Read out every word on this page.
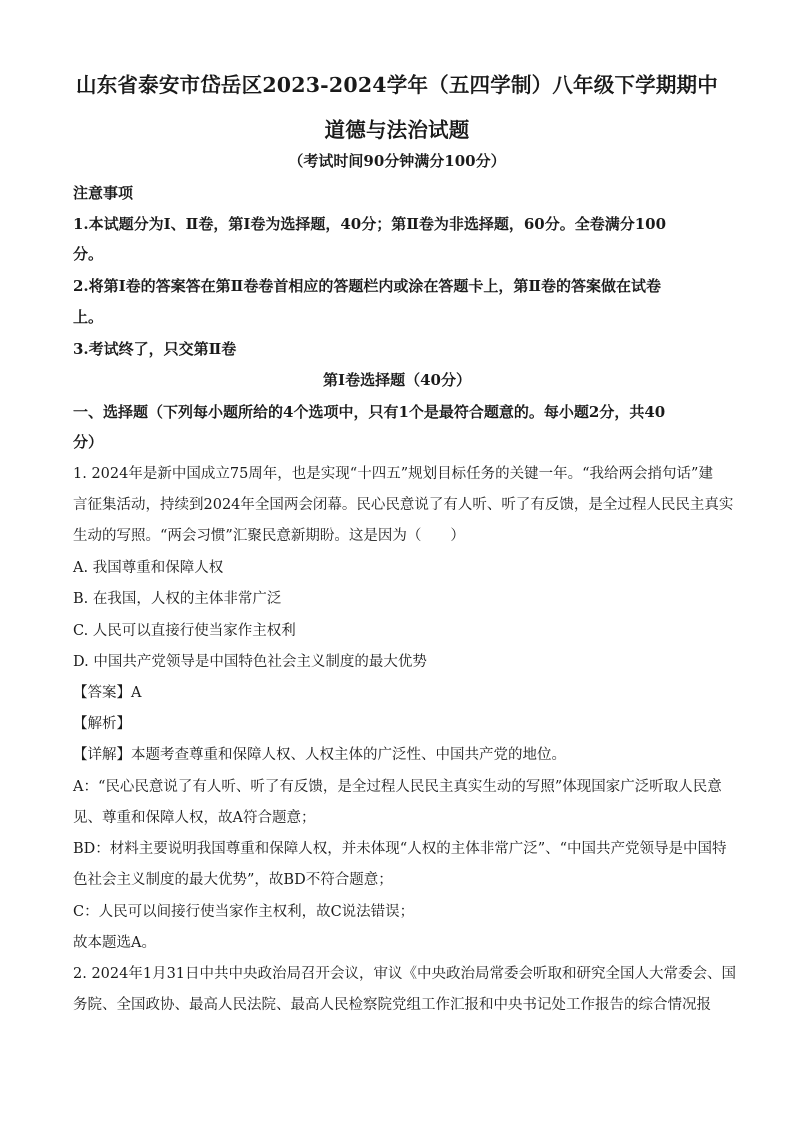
山东省泰安市岱岳区2023-2024学年（五四学制）八年级下学期期中
道德与法治试题
（考试时间90分钟满分100分）
注意事项
1.本试题分为Ⅰ、Ⅱ卷，第Ⅰ卷为选择题，40分；第Ⅱ卷为非选择题，60分。全卷满分100
分。
2.将第Ⅰ卷的答案答在第Ⅱ卷卷首相应的答题栏内或涂在答题卡上，第Ⅱ卷的答案做在试卷
上。
3.考试终了，只交第Ⅱ卷
第Ⅰ卷选择题（40分）
一、选择题（下列每小题所给的4个选项中，只有1个是最符合题意的。每小题2分，共40
分）
1. 2024年是新中国成立75周年，也是实现“十四五”规划目标任务的关键一年。“我给两会捎句话”建
言征集活动，持续到2024年全国两会闭幕。民心民意说了有人听、听了有反馈，是全过程人民民主真实
生动的写照。“两会习惯”汇聚民意新期盼。这是因为（　　）
A. 我国尊重和保障人权
B. 在我国，人权的主体非常广泛
C. 人民可以直接行使当家作主权利
D. 中国共产党领导是中国特色社会主义制度的最大优势
【答案】A
【解析】
【详解】本题考查尊重和保障人权、人权主体的广泛性、中国共产党的地位。
A：“民心民意说了有人听、听了有反馈，是全过程人民民主真实生动的写照”体现国家广泛听取人民意
见、尊重和保障人权，故A符合题意；
BD：材料主要说明我国尊重和保障人权，并未体现“人权的主体非常广泛”、“中国共产党领导是中国特
色社会主义制度的最大优势”，故BD不符合题意；
C：人民可以间接行使当家作主权利，故C说法错误；
故本题选A。
2. 2024年1月31日中共中央政治局召开会议，审议《中央政治局常委会听取和研究全国人大常委会、国
务院、全国政协、最高人民法院、最高人民检察院党组工作汇报和中央书记处工作报告的综合情况报
